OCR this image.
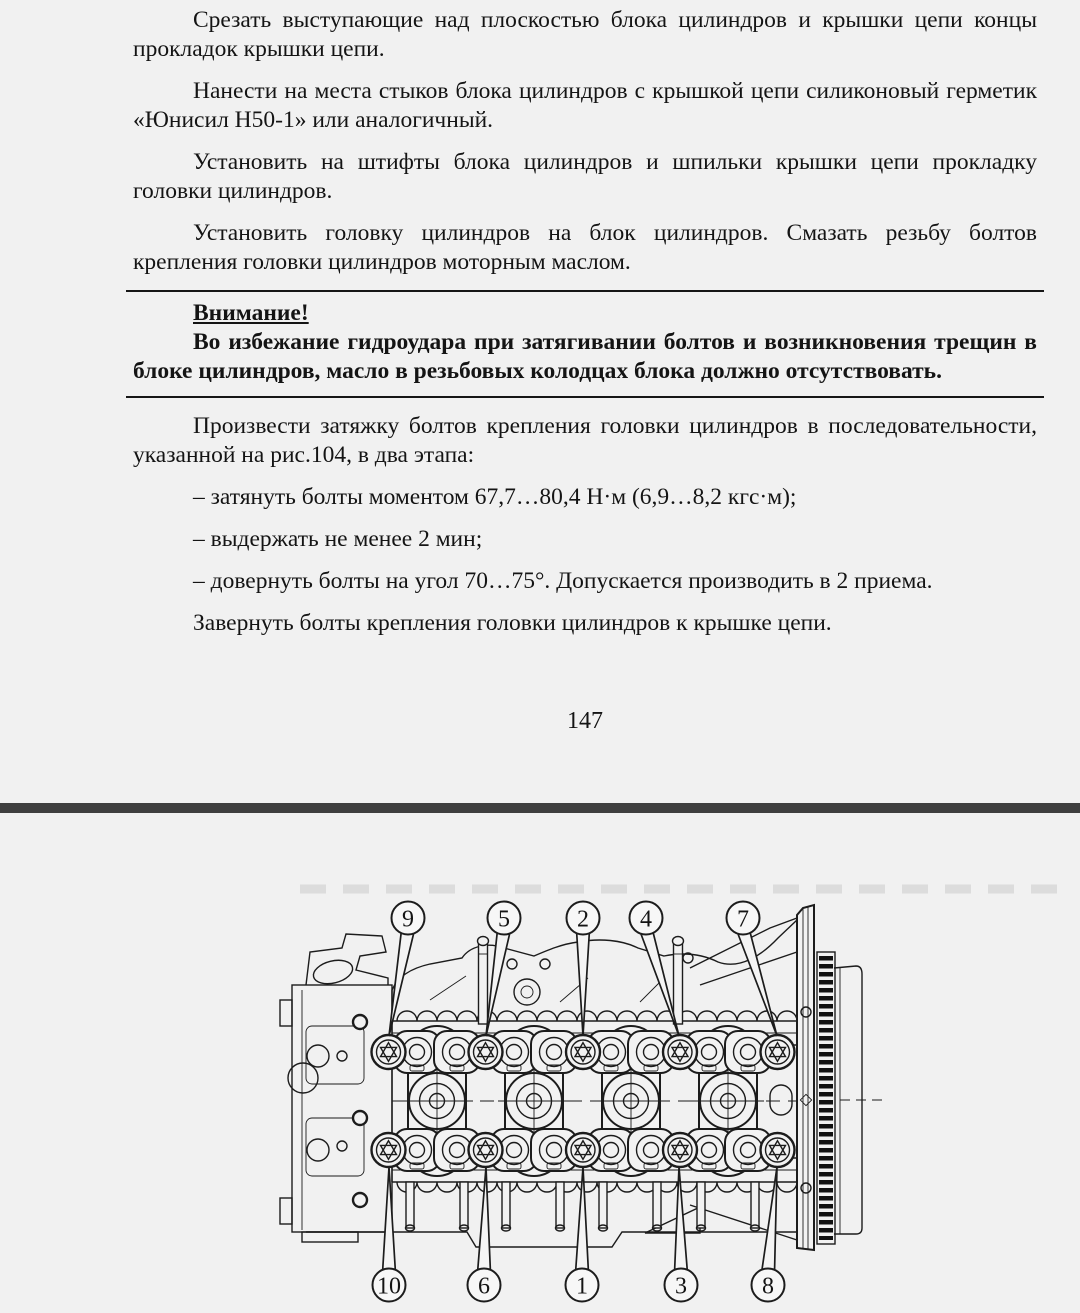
Срезать выступающие над плоскостью блока цилиндров и крышки цепи концы прокладок крышки цепи.

Нанести на места стыков блока цилиндров с крышкой цепи силиконовый герметик «Юнисил Н50-1» или аналогичный.

Установить на штифты блока цилиндров и шпильки крышки цепи прокладку головки цилиндров.

Установить головку цилиндров на блок цилиндров. Смазать резьбу болтов крепления головки цилиндров моторным маслом.

Внимание!

Во избежание гидроудара при затягивании болтов и возникновения трещин в блоке цилиндров, масло в резьбовых колодцах блока должно отсутствовать.

Произвести затяжку болтов крепления головки цилиндров в последовательности, указанной на рис.104, в два этапа:

– затянуть болты моментом 67,7…80,4 Н·м (6,9…8,2 кгс·м);

– выдержать не менее 2 мин;

– довернуть болты на угол 70…75°. Допускается производить в 2 приема.

Завернуть болты крепления головки цилиндров к крышке цепи.

147
9	5	2 4	7
10	6	1	3	8
